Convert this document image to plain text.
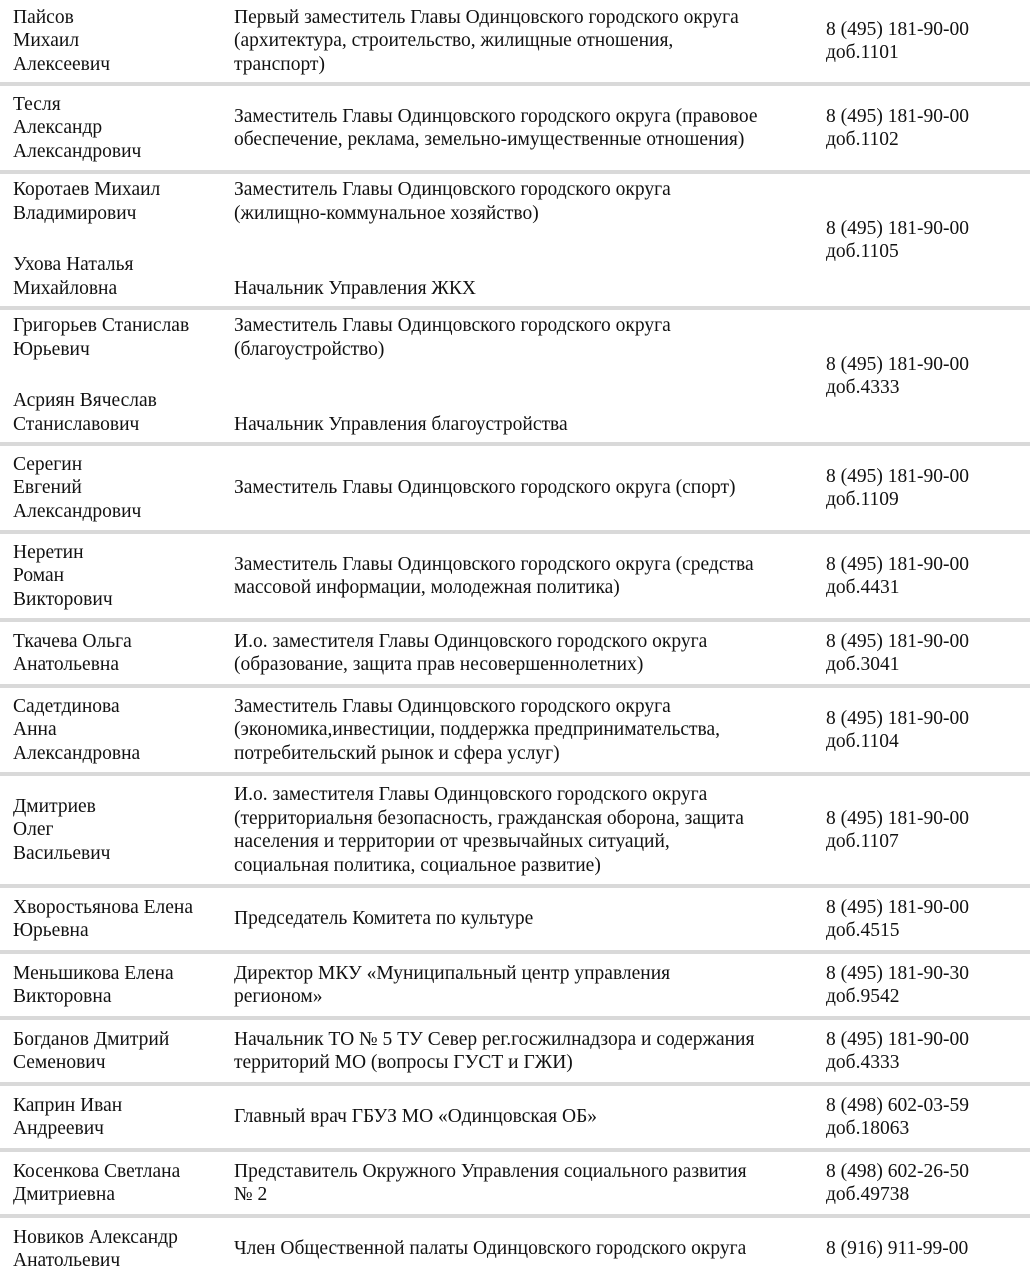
Пайсов
Михаил
Алексеевич
Первый заместитель Главы Одинцовского городского округа
(архитектура, строительство, жилищные отношения,
транспорт)
8 (495) 181-90-00
доб.1101
Тесля
Александр
Александрович
Заместитель Главы Одинцовского городского округа (правовое
обеспечение, реклама, земельно-имущественные отношения)
8 (495) 181-90-00
доб.1102
Коротаев Михаил
Владимирович
Ухова Наталья
Михайловна
Заместитель Главы Одинцовского городского округа
(жилищно-коммунальное хозяйство)
Начальник Управления ЖКХ
8 (495) 181-90-00
доб.1105
Григорьев Станислав
Юрьевич
Асриян Вячеслав
Станиславович
Заместитель Главы Одинцовского городского округа
(благоустройство)
Начальник Управления благоустройства
8 (495) 181-90-00
доб.4333
Серегин
Евгений
Александрович
Заместитель Главы Одинцовского городского округа (спорт)
8 (495) 181-90-00
доб.1109
Неретин
Роман
Викторович
Заместитель Главы Одинцовского городского округа (средства
массовой информации, молодежная политика)
8 (495) 181-90-00
доб.4431
Ткачева Ольга
Анатольевна
И.о. заместителя Главы Одинцовского городского округа
(образование, защита прав несовершеннолетних)
8 (495) 181-90-00
доб.3041
Садетдинова
Анна
Александровна
Заместитель Главы Одинцовского городского округа
(экономика,инвестиции, поддержка предпринимательства,
потребительский рынок и сфера услуг)
8 (495) 181-90-00
доб.1104
Дмитриев
Олег
Васильевич
И.о. заместителя Главы Одинцовского городского округа
(территориальня безопасность, гражданская оборона, защита
населения и территории от чрезвычайных ситуаций,
социальная политика, социальное развитие)
8 (495) 181-90-00
доб.1107
Хворостьянова Елена
Юрьевна
Председатель Комитета по культуре
8 (495) 181-90-00
доб.4515
Меньшикова Елена
Викторовна
Директор МКУ «Муниципальный центр управления
регионом»
8 (495) 181-90-30
доб.9542
Богданов Дмитрий
Семенович
Начальник ТО № 5 ТУ Север рег.госжилнадзора и содержания
территорий МО (вопросы ГУСТ и ГЖИ)
8 (495) 181-90-00
доб.4333
Каприн Иван
Андреевич
Главный врач ГБУЗ МО «Одинцовская ОБ»
8 (498) 602-03-59
доб.18063
Косенкова Светлана
Дмитриевна
Представитель Окружного Управления социального развития
№ 2
8 (498) 602-26-50
доб.49738
Новиков Александр
Анатольевич
Член Общественной палаты Одинцовского городского округа	8 (916) 911-99-00
